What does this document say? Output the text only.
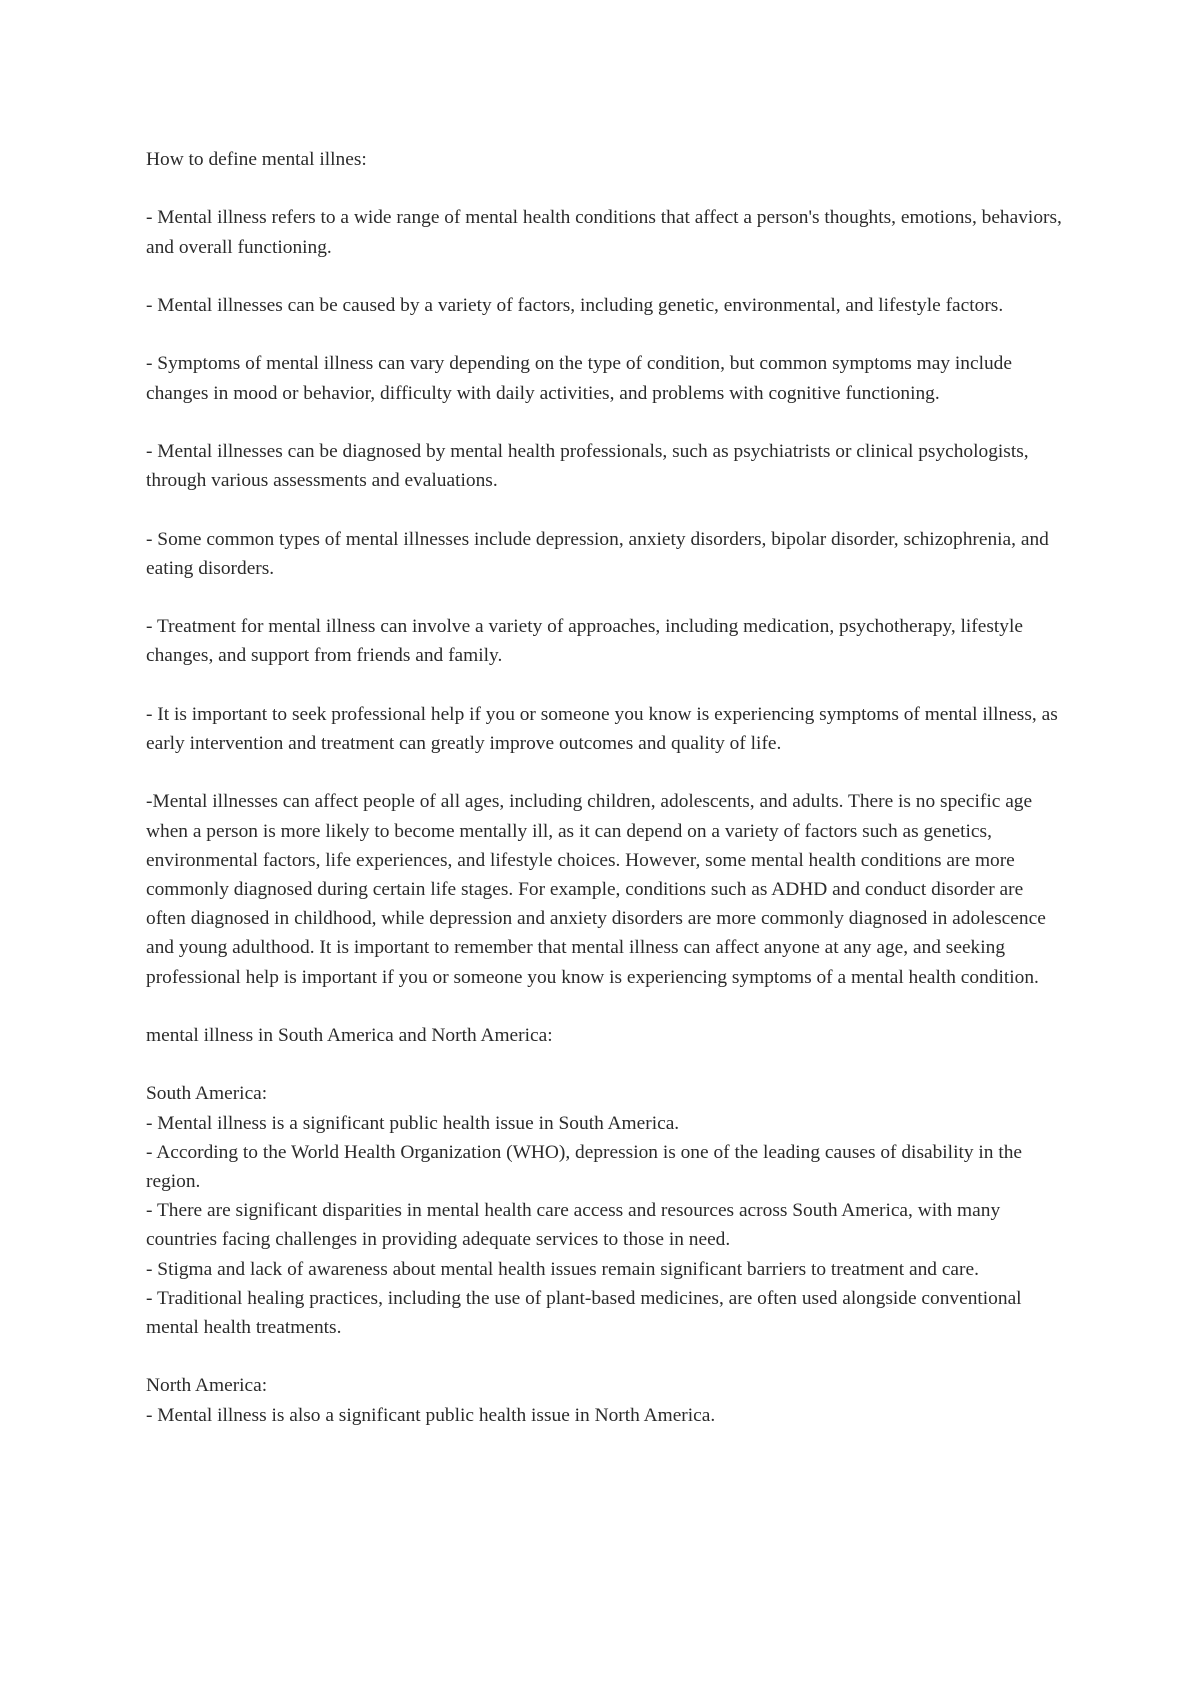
How to define mental illnes:

- Mental illness refers to a wide range of mental health conditions that affect a person's thoughts, emotions, behaviors, and overall functioning.

- Mental illnesses can be caused by a variety of factors, including genetic, environmental, and lifestyle factors.

- Symptoms of mental illness can vary depending on the type of condition, but common symptoms may include changes in mood or behavior, difficulty with daily activities, and problems with cognitive functioning.

- Mental illnesses can be diagnosed by mental health professionals, such as psychiatrists or clinical psychologists, through various assessments and evaluations.

- Some common types of mental illnesses include depression, anxiety disorders, bipolar disorder, schizophrenia, and eating disorders.

- Treatment for mental illness can involve a variety of approaches, including medication, psychotherapy, lifestyle changes, and support from friends and family.

- It is important to seek professional help if you or someone you know is experiencing symptoms of mental illness, as early intervention and treatment can greatly improve outcomes and quality of life.

-Mental illnesses can affect people of all ages, including children, adolescents, and adults. There is no specific age when a person is more likely to become mentally ill, as it can depend on a variety of factors such as genetics, environmental factors, life experiences, and lifestyle choices. However, some mental health conditions are more commonly diagnosed during certain life stages. For example, conditions such as ADHD and conduct disorder are often diagnosed in childhood, while depression and anxiety disorders are more commonly diagnosed in adolescence and young adulthood. It is important to remember that mental illness can affect anyone at any age, and seeking professional help is important if you or someone you know is experiencing symptoms of a mental health condition.

mental illness in South America and North America:

South America:

- Mental illness is a significant public health issue in South America.

- According to the World Health Organization (WHO), depression is one of the leading causes of disability in the region.

- There are significant disparities in mental health care access and resources across South America, with many countries facing challenges in providing adequate services to those in need.

- Stigma and lack of awareness about mental health issues remain significant barriers to treatment and care.

- Traditional healing practices, including the use of plant-based medicines, are often used alongside conventional mental health treatments.

North America:

- Mental illness is also a significant public health issue in North America.
